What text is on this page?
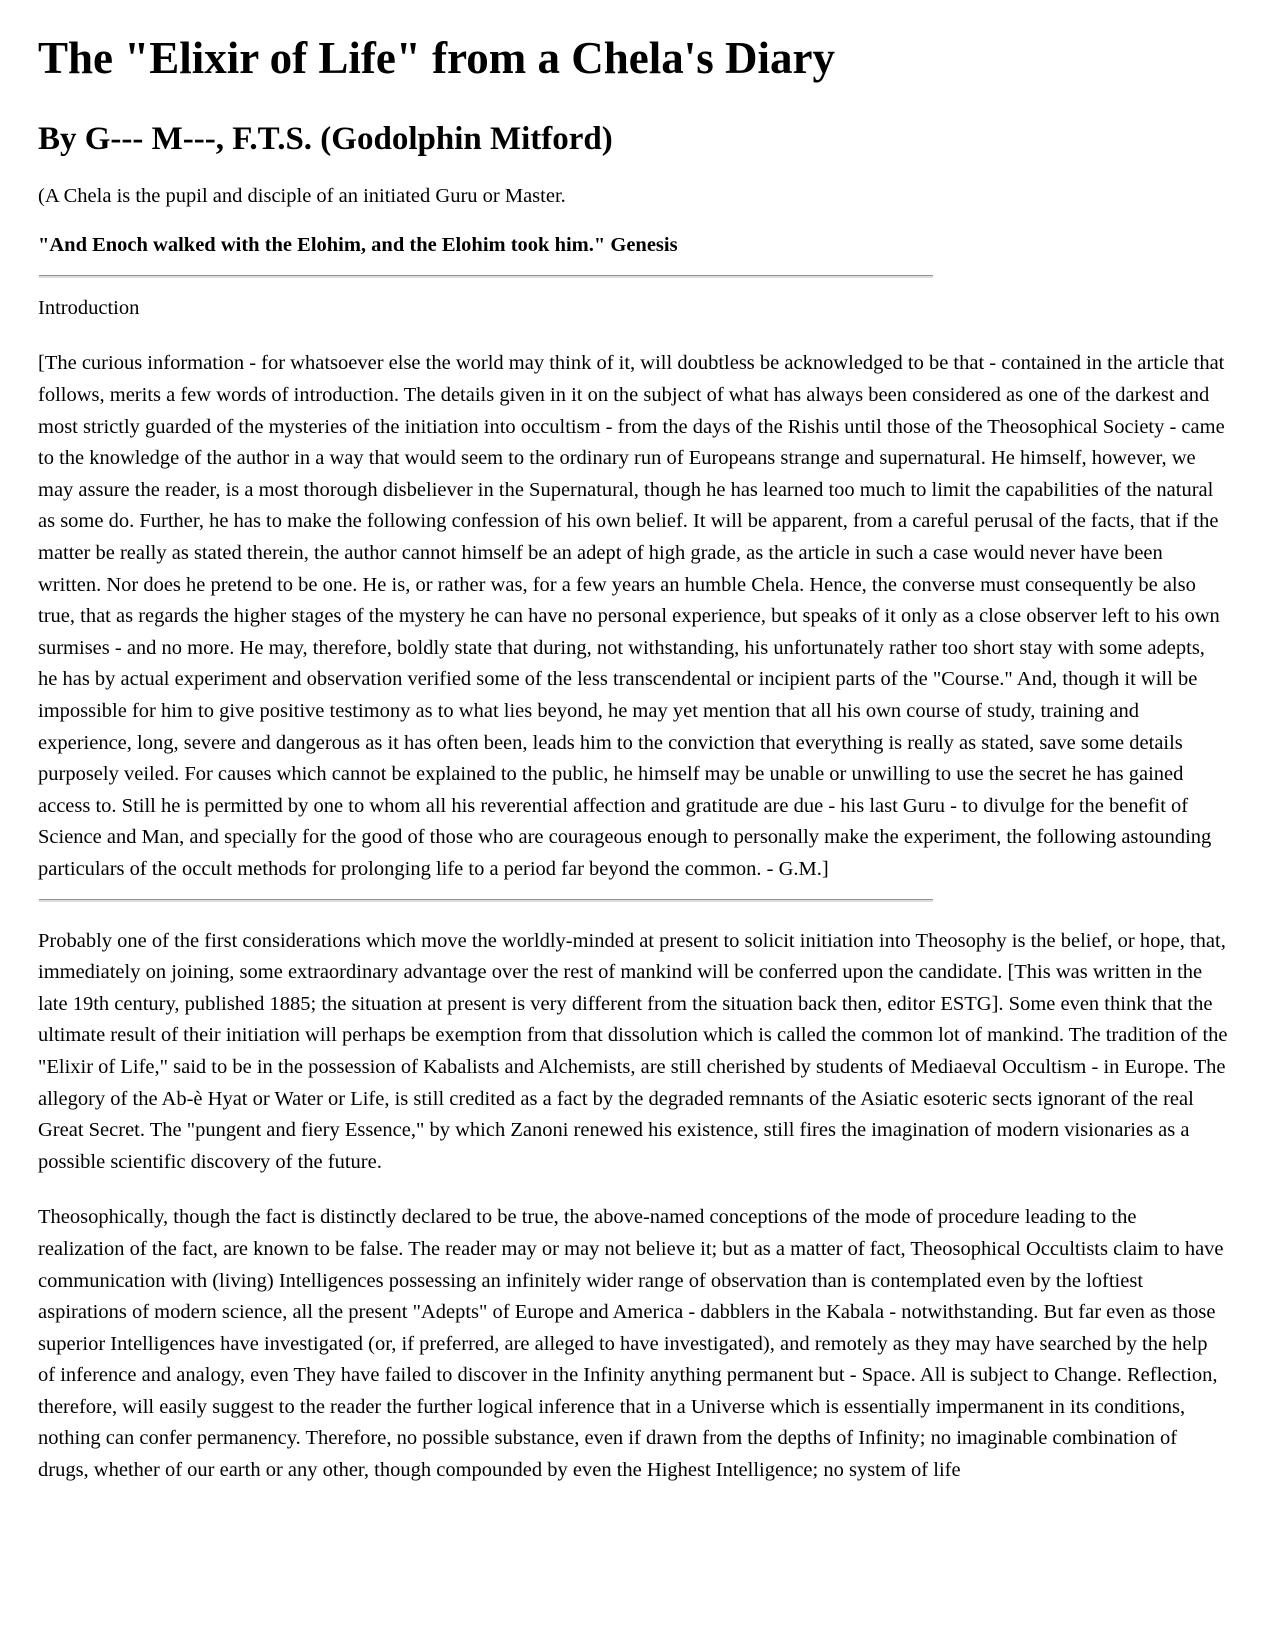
The "Elixir of Life" from a Chela's Diary
By G--- M---, F.T.S. (Godolphin Mitford)

(A Chela is the pupil and disciple of an initiated Guru or Master.

"And Enoch walked with the Elohim, and the Elohim took him." Genesis

Introduction

[The curious information - for whatsoever else the world may think of it, will doubtless be acknowledged to be that - contained in the article that follows, merits a few words of introduction. The details given in it on the subject of what has always been considered as one of the darkest and most strictly guarded of the mysteries of the initiation into occultism - from the days of the Rishis until those of the Theosophical Society - came to the knowledge of the author in a way that would seem to the ordinary run of Europeans strange and supernatural. He himself, however, we may assure the reader, is a most thorough disbeliever in the Supernatural, though he has learned too much to limit the capabilities of the natural as some do. Further, he has to make the following confession of his own belief. It will be apparent, from a careful perusal of the facts, that if the matter be really as stated therein, the author cannot himself be an adept of high grade, as the article in such a case would never have been written. Nor does he pretend to be one. He is, or rather was, for a few years an humble Chela. Hence, the converse must consequently be also true, that as regards the higher stages of the mystery he can have no personal experience, but speaks of it only as a close observer left to his own surmises - and no more. He may, therefore, boldly state that during, not withstanding, his unfortunately rather too short stay with some adepts, he has by actual experiment and observation verified some of the less transcendental or incipient parts of the "Course." And, though it will be impossible for him to give positive testimony as to what lies beyond, he may yet mention that all his own course of study, training and experience, long, severe and dangerous as it has often been, leads him to the conviction that everything is really as stated, save some details purposely veiled. For causes which cannot be explained to the public, he himself may be unable or unwilling to use the secret he has gained access to. Still he is permitted by one to whom all his reverential affection and gratitude are due - his last Guru - to divulge for the benefit of Science and Man, and specially for the good of those who are courageous enough to personally make the experiment, the following astounding particulars of the occult methods for prolonging life to a period far beyond the common. - G.M.]

Probably one of the first considerations which move the worldly-minded at present to solicit initiation into Theosophy is the belief, or hope, that, immediately on joining, some extraordinary advantage over the rest of mankind will be conferred upon the candidate. [This was written in the late 19th century, published 1885; the situation at present is very different from the situation back then, editor ESTG]. Some even think that the ultimate result of their initiation will perhaps be exemption from that dissolution which is called the common lot of mankind. The tradition of the "Elixir of Life," said to be in the possession of Kabalists and Alchemists, are still cherished by students of Mediaeval Occultism - in Europe. The allegory of the Ab-è Hyat or Water or Life, is still credited as a fact by the degraded remnants of the Asiatic esoteric sects ignorant of the real Great Secret. The "pungent and fiery Essence," by which Zanoni renewed his existence, still fires the imagination of modern visionaries as a possible scientific discovery of the future.

Theosophically, though the fact is distinctly declared to be true, the above-named conceptions of the mode of procedure leading to the realization of the fact, are known to be false. The reader may or may not believe it; but as a matter of fact, Theosophical Occultists claim to have communication with (living) Intelligences possessing an infinitely wider range of observation than is contemplated even by the loftiest aspirations of modern science, all the present "Adepts" of Europe and America - dabblers in the Kabala - notwithstanding. But far even as those superior Intelligences have investigated (or, if preferred, are alleged to have investigated), and remotely as they may have searched by the help of inference and analogy, even They have failed to discover in the Infinity anything permanent but - Space. All is subject to Change. Reflection, therefore, will easily suggest to the reader the further logical inference that in a Universe which is essentially impermanent in its conditions, nothing can confer permanency. Therefore, no possible substance, even if drawn from the depths of Infinity; no imaginable combination of drugs, whether of our earth or any other, though compounded by even the Highest Intelligence; no system of life
